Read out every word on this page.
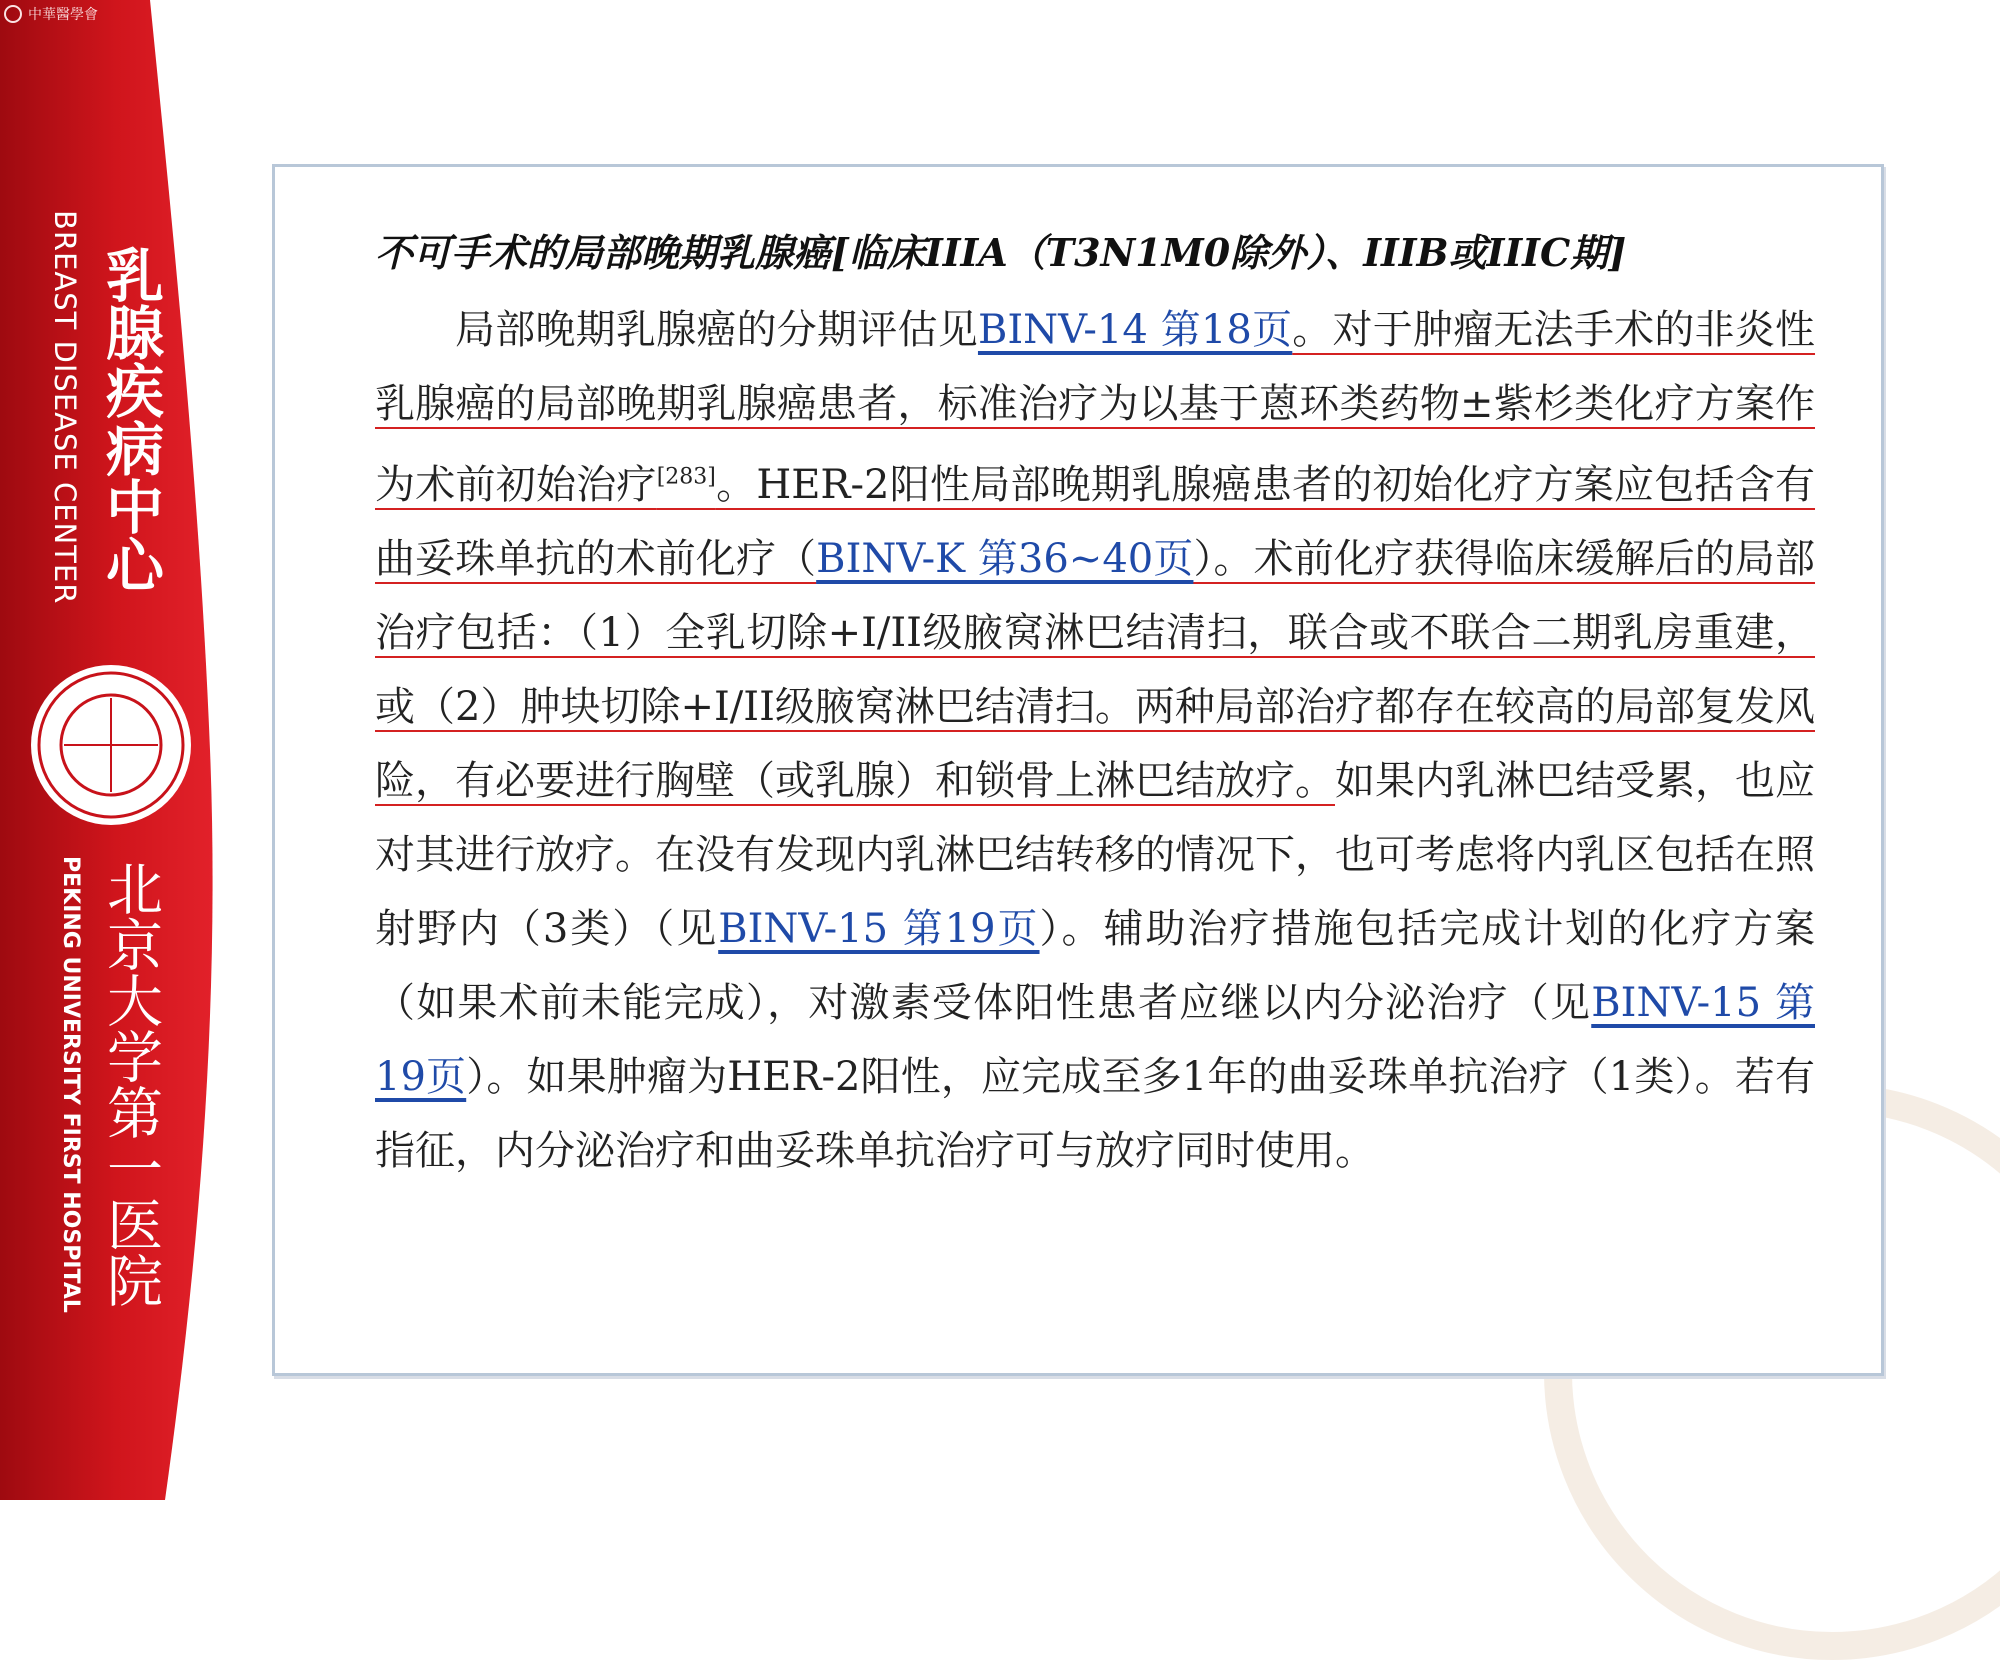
中華醫學會
BREAST DISEASE CENTER 乳腺疾病中心
PEKING UNIVERSITY FIRST HOSPITAL 北京大学第一医院
不可手术的局部晚期乳腺癌[临床IIIA（T3N1M0除外）、IIIB或IIIC期]

局部晚期乳腺癌的分期评估见BINV-14 第18页。对于肿瘤无法手术的非炎性乳腺癌的局部晚期乳腺癌患者，标准治疗为以基于蒽环类药物±紫杉类化疗方案作为术前初始治疗[283]。HER-2阳性局部晚期乳腺癌患者的初始化疗方案应包括含有曲妥珠单抗的术前化疗（BINV-K 第36~40页）。术前化疗获得临床缓解后的局部治疗包括：（1）全乳切除+I/II级腋窝淋巴结清扫，联合或不联合二期乳房重建，或（2）肿块切除+I/II级腋窝淋巴结清扫。两种局部治疗都存在较高的局部复发风险，有必要进行胸壁（或乳腺）和锁骨上淋巴结放疗。如果内乳淋巴结受累，也应对其进行放疗。在没有发现内乳淋巴结转移的情况下，也可考虑将内乳区包括在照射野内（3类）（见BINV-15 第19页）。辅助治疗措施包括完成计划的化疗方案（如果术前未能完成），对激素受体阳性患者应继以内分泌治疗（见BINV-15 第19页）。如果肿瘤为HER-2阳性，应完成至多1年的曲妥珠单抗治疗（1类）。若有指征，内分泌治疗和曲妥珠单抗治疗可与放疗同时使用。
